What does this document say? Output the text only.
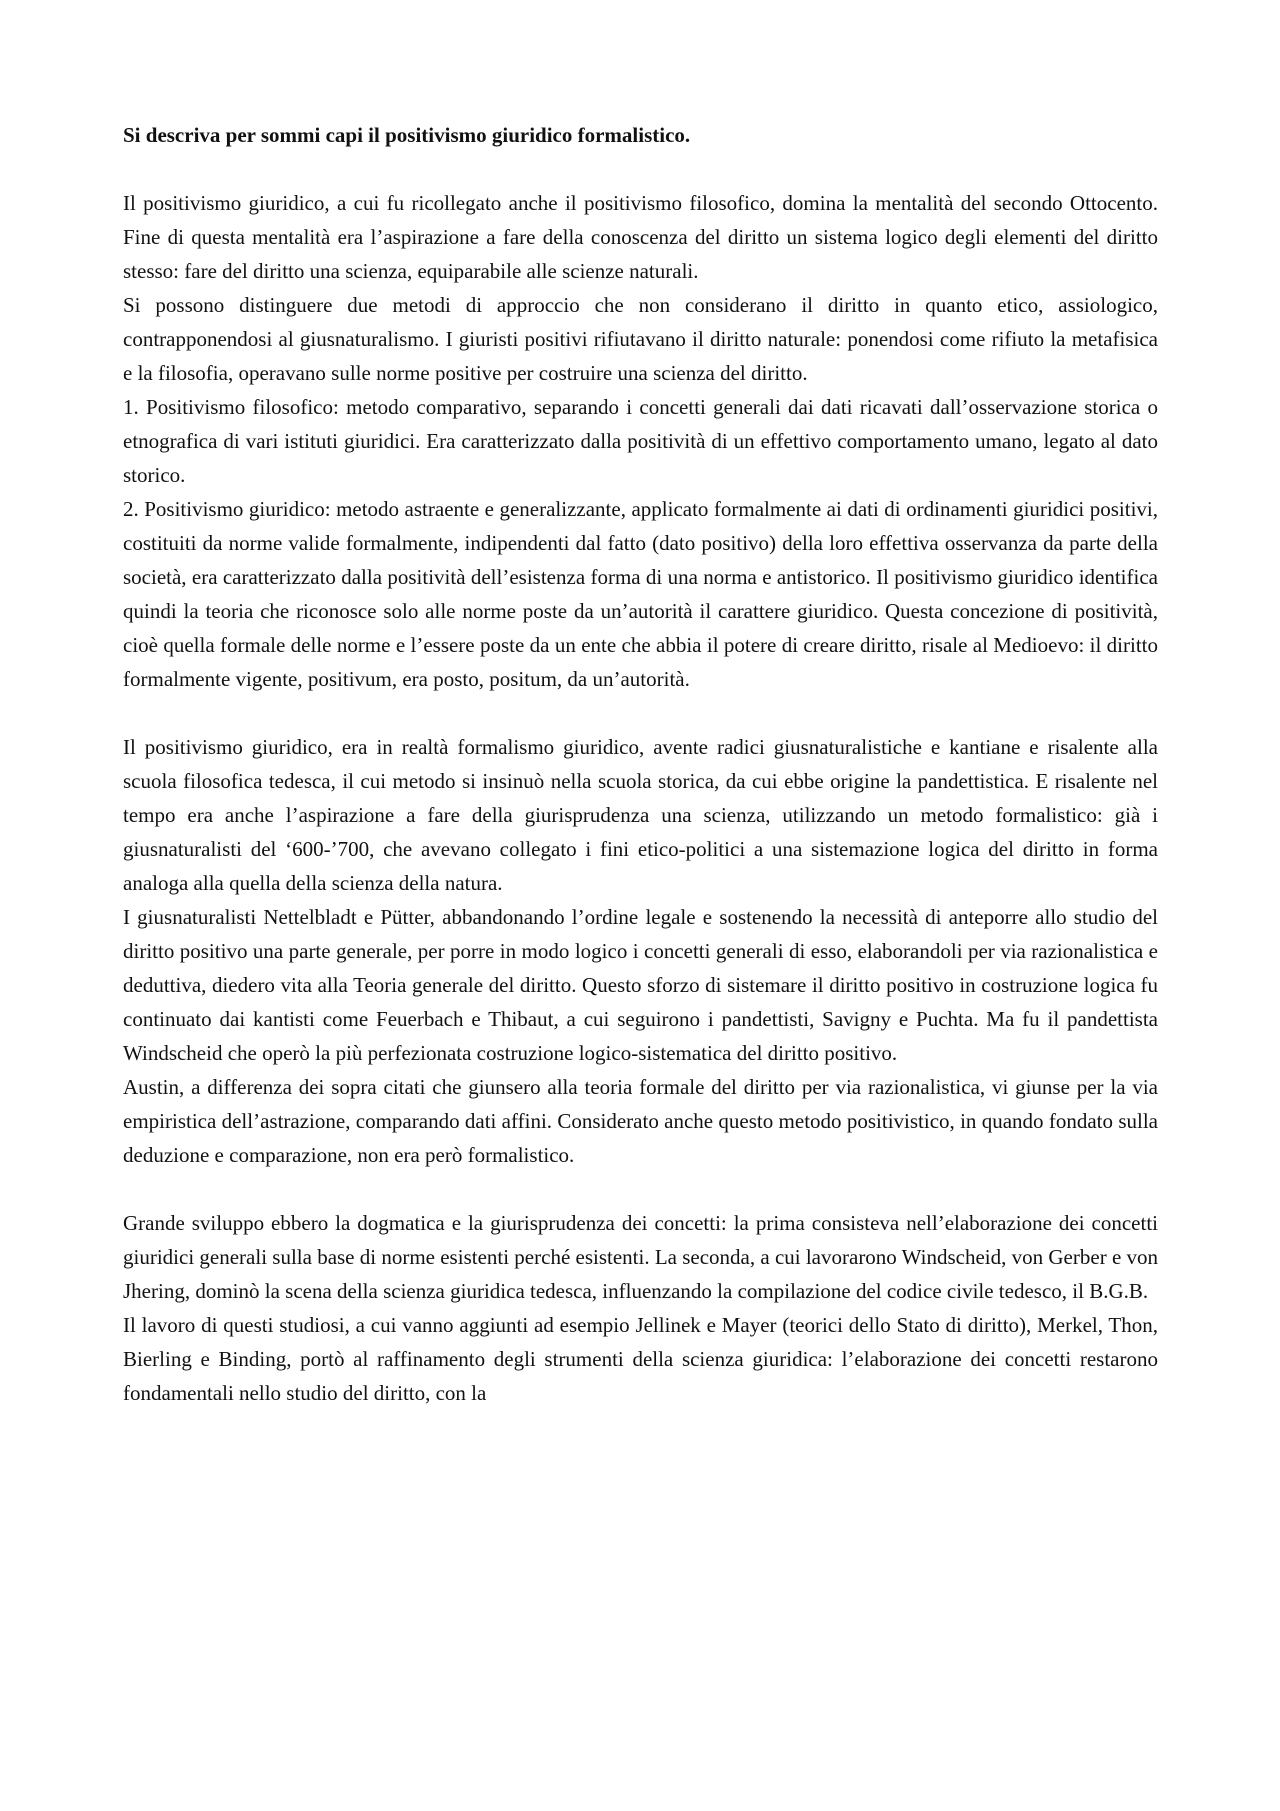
Si descriva per sommi capi il positivismo giuridico formalistico.

Il positivismo giuridico, a cui fu ricollegato anche il positivismo filosofico, domina la mentalità del secondo Ottocento. Fine di questa mentalità era l’aspirazione a fare della conoscenza del diritto un sistema logico degli elementi del diritto stesso: fare del diritto una scienza, equiparabile alle scienze naturali.

Si possono distinguere due metodi di approccio che non considerano il diritto in quanto etico, assiologico, contrapponendosi al giusnaturalismo. I giuristi positivi rifiutavano il diritto naturale: ponendosi come rifiuto la metafisica e la filosofia, operavano sulle norme positive per costruire una scienza del diritto.

1. Positivismo filosofico: metodo comparativo, separando i concetti generali dai dati ricavati dall’osservazione storica o etnografica di vari istituti giuridici. Era caratterizzato dalla positività di un effettivo comportamento umano, legato al dato storico.

2. Positivismo giuridico: metodo astraente e generalizzante, applicato formalmente ai dati di ordinamenti giuridici positivi, costituiti da norme valide formalmente, indipendenti dal fatto (dato positivo) della loro effettiva osservanza da parte della società, era caratterizzato dalla positività dell’esistenza forma di una norma e antistorico. Il positivismo giuridico identifica quindi la teoria che riconosce solo alle norme poste da un’autorità il carattere giuridico. Questa concezione di positività, cioè quella formale delle norme e l’essere poste da un ente che abbia il potere di creare diritto, risale al Medioevo: il diritto formalmente vigente, positivum, era posto, positum, da un’autorità.

Il positivismo giuridico, era in realtà formalismo giuridico, avente radici giusnaturalistiche e kantiane e risalente alla scuola filosofica tedesca, il cui metodo si insinuò nella scuola storica, da cui ebbe origine la pandettistica. E risalente nel tempo era anche l’aspirazione a fare della giurisprudenza una scienza, utilizzando un metodo formalistico: già i giusnaturalisti del ‘600-’700, che avevano collegato i fini etico-politici a una sistemazione logica del diritto in forma analoga alla quella della scienza della natura.

I giusnaturalisti Nettelbladt e Pütter, abbandonando l’ordine legale e sostenendo la necessità di anteporre allo studio del diritto positivo una parte generale, per porre in modo logico i concetti generali di esso, elaborandoli per via razionalistica e deduttiva, diedero vita alla Teoria generale del diritto. Questo sforzo di sistemare il diritto positivo in costruzione logica fu continuato dai kantisti come Feuerbach e Thibaut, a cui seguirono i pandettisti, Savigny e Puchta. Ma fu il pandettista Windscheid che operò la più perfezionata costruzione logico-sistematica del diritto positivo.

Austin, a differenza dei sopra citati che giunsero alla teoria formale del diritto per via razionalistica, vi giunse per la via empiristica dell’astrazione, comparando dati affini. Considerato anche questo metodo positivistico, in quando fondato sulla deduzione e comparazione, non era però formalistico.

Grande sviluppo ebbero la dogmatica e la giurisprudenza dei concetti: la prima consisteva nell’elaborazione dei concetti giuridici generali sulla base di norme esistenti perché esistenti. La seconda, a cui lavorarono Windscheid, von Gerber e von Jhering, dominò la scena della scienza giuridica tedesca, influenzando la compilazione del codice civile tedesco, il B.G.B.

Il lavoro di questi studiosi, a cui vanno aggiunti ad esempio Jellinek e Mayer (teorici dello Stato di diritto), Merkel, Thon, Bierling e Binding, portò al raffinamento degli strumenti della scienza giuridica: l’elaborazione dei concetti restarono fondamentali nello studio del diritto, con la
